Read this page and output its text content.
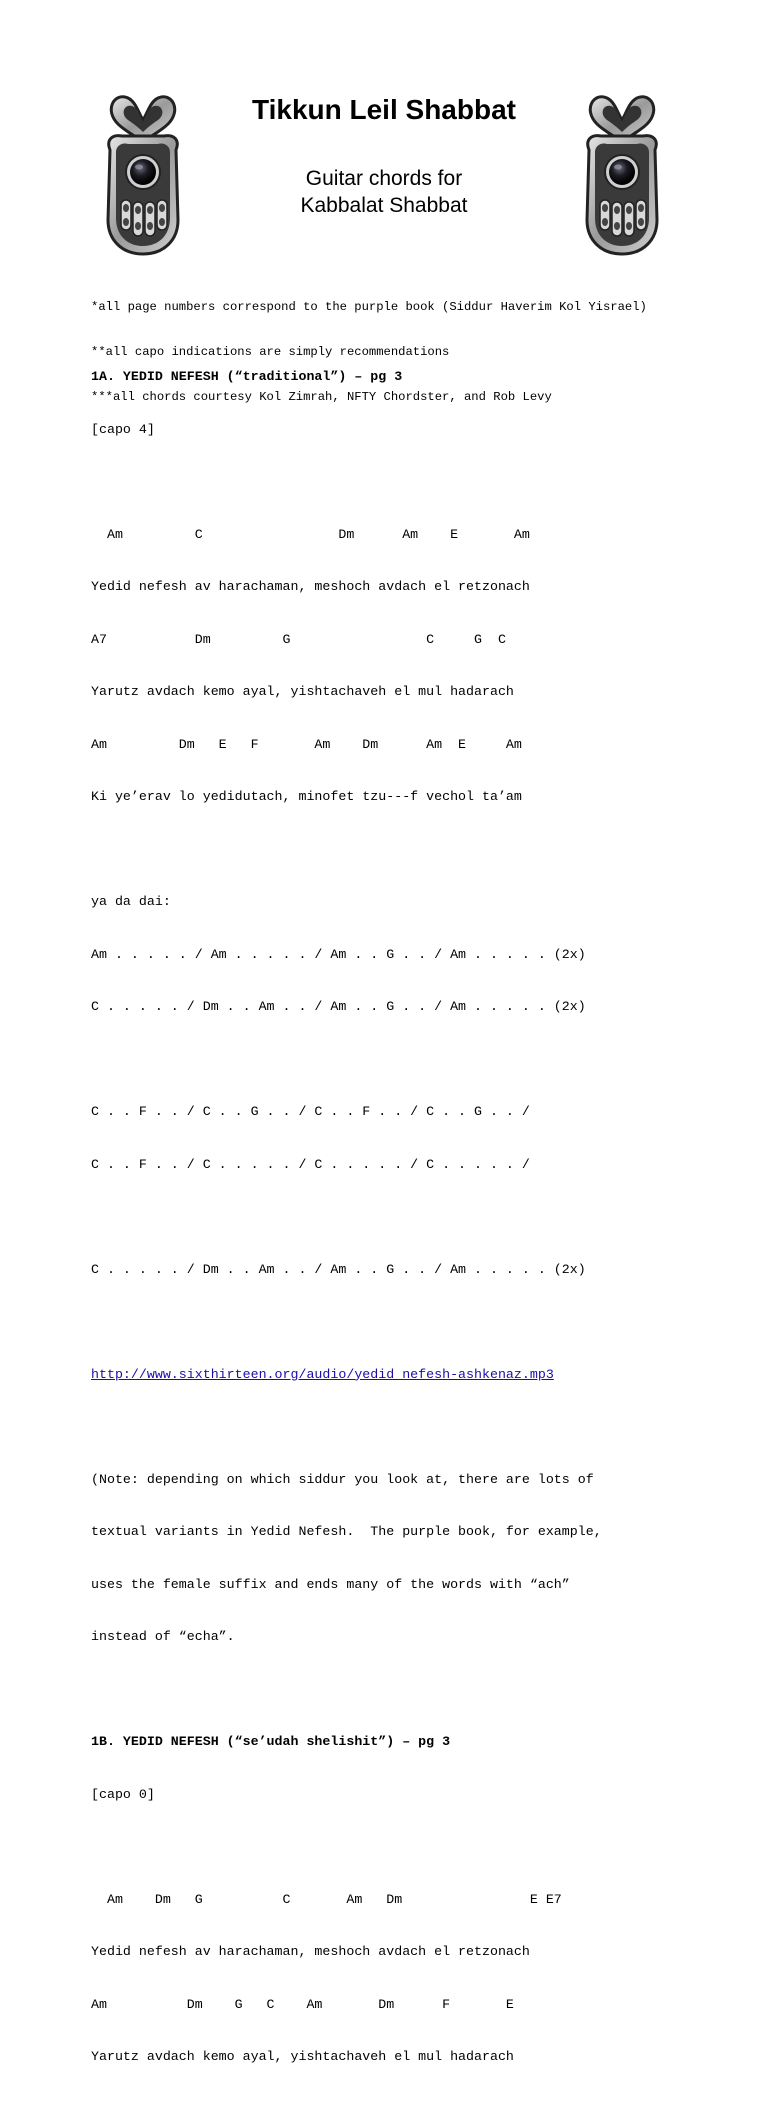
Tikkun Leil Shabbat
Guitar chords for
Kabbalat Shabbat

*all page numbers correspond to the purple book (Siddur Haverim Kol Yisrael)

**all capo indications are simply recommendations

***all chords courtesy Kol Zimrah, NFTY Chordster, and Rob Levy

1A. YEDID NEFESH (“traditional”) – pg 3

[capo 4]

Am         C                 Dm      Am    E       Am

Yedid nefesh av harachaman, meshoch avdach el retzonach

A7           Dm         G                 C     G  C

Yarutz avdach kemo ayal, yishtachaveh el mul hadarach

Am         Dm   E   F       Am    Dm      Am  E     Am

Ki ye’erav lo yedidutach, minofet tzu---f vechol ta’am

ya da dai:

Am . . . . . / Am . . . . . / Am . . G . . / Am . . . . . (2x)

C . . . . . / Dm . . Am . . / Am . . G . . / Am . . . . . (2x)

C . . F . . / C . . G . . / C . . F . . / C . . G . . /

C . . F . . / C . . . . . / C . . . . . / C . . . . . /

C . . . . . / Dm . . Am . . / Am . . G . . / Am . . . . . (2x)

http://www.sixthirteen.org/audio/yedid_nefesh-ashkenaz.mp3

(Note: depending on which siddur you look at, there are lots of

textual variants in Yedid Nefesh.  The purple book, for example,

uses the female suffix and ends many of the words with “ach”

instead of “echa”.

1B. YEDID NEFESH (“se’udah shelishit”) – pg 3

[capo 0]

Am    Dm   G          C       Am   Dm                E E7

Yedid nefesh av harachaman, meshoch avdach el retzonach

Am          Dm    G   C    Am       Dm      F       E

Yarutz avdach kemo ayal, yishtachaveh el mul hadarach
